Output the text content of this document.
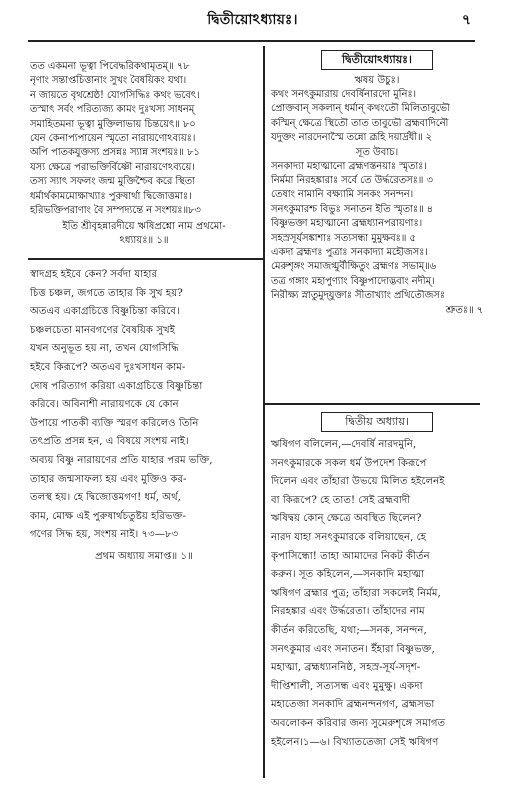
দ্বিতীয়োঽধ্যায়ঃ।	৭
তত একমনা ভূত্বা পিবেদ্ধরিকথামৃতম্‌॥ ৭৮
নৃণাং সন্তাপ্তচিত্তানাং সুখং বৈষয়িকং যথা।
ন জায়তে বৃথশ্রেষ্ঠ! যোগসিদ্ধিঃ কথং ভবেৎ।
তস্মাৎ সর্বং পরিত্যজ্য কামং দুঃখস্য সাধনম্‌
সমাহিতমনা ভূত্বা মুক্তিলাভায় চিন্তয়েৎ॥ ৮০
যেন কেনাপ্যপায়েন স্মৃতো নারায়ণোঽব্যয়ঃ।
অপি পাতকযুক্তস্য প্রসন্নঃ স্যান্ন সংশয়ঃ॥ ৮১
যস্য ক্ষেত্রে পরাভক্তির্বিষ্ণৌ নারায়ণেঽব্যয়ে।
তস্য স্যাৎ সফলং জন্ম মুক্তিশ্চৈব করে স্থিতা
ধর্মার্থকামমোক্ষাখ্যাঃ পুরুষার্থা দ্বিজোত্তমাঃ।
হরিভক্তিপরাণাং বৈ সম্পদ্যন্তে ন সংশয়ঃ॥৮৩
ইতি শ্রীবৃহন্নারদীয়ে ঋষিপ্রশ্নো নাম প্রথমো-
ঽধ্যায়ঃ॥ ১॥
স্বাদগ্রহ হইবে কেন? সর্বদা যাহার
চিত্ত চঞ্চল, জগতে তাহার কি সুখ হয়?
অতএব একাগ্রচিত্তে বিষ্ণুচিন্তা করিবে।
চঞ্চলচেতা মানবগণের বৈষয়িক সুখই
যখন অনুভূত হয় না, তখন যোগসিদ্ধি
হইবে কিরূপে? অতএব দুঃখসাধন কাম-
দোষ পরিত্যাগ করিয়া একাগ্রচিত্তে বিষ্ণুচিন্তা
করিবে। অবিনাশী নারায়ণকে যে কোন
উপায়ে পাতকী ব্যক্তি স্মরণ করিলেও তিনি
তৎপ্রতি প্রসন্ন হন, এ বিষয়ে সংশয় নাই।
অব্যয় বিষ্ণু নারায়ণের প্রতি যাহার পরম ভক্তি,
তাহার জন্মসাফল্য হয় এবং মুক্তিও কর-
তলস্থ হয়। হে দ্বিজোত্তমগণ! ধর্ম, অর্থ,
কাম, মোক্ষ এই পুরুষার্থচতুষ্টয় হরিভক্ত-
গণের সিদ্ধ হয়, সংশয় নাই। ৭৩—৮৩
প্রথম অধ্যায় সমাপ্ত॥ ১॥
দ্বিতীয়োঽধ্যায়ঃ।
ঋষয় উচুঃ।
কথং সনৎকুমারায় দেবর্ষিনারদো মুনিঃ।
প্রোক্তবান্‌ সকলান্‌ ধর্মান্‌ কথংতৌ মিলিতাবুভৌ
কস্মিন্‌ ক্ষেত্রে স্থিতৌ তাত তাবুভৌ ব্রহ্মবাদিনৌ
যদুক্তং নারদেনাস্মৈ তন্নো ব্রূহি দয়ার্দ্রধী॥ ২
সূত উবাচ।
সনকাদ্যা মহাত্মানো ব্রহ্মণস্তনয়াঃ স্মৃতাঃ।
নির্মমা নিরহঙ্কারাঃ সর্বে তে উর্দ্ধরেতসঃ॥ ৩
তেষাং নামানি বক্ষ্যামি সনকং সনন্দন।
সনৎকুমারশ্চ বিভুঃ সনাতন ইতি স্মৃতাঃ॥ ৪
বিষ্ণুভক্তা মহাত্মানো ব্রহ্মধ্যানপরায়ণাঃ।
সহস্রসূর্যসঙ্কাশাঃ সত্যসন্ধা মুমুক্ষবঃ॥ ৫
একদা ব্রহ্মণঃ পুত্রাঃ সনকাদ্যা মহৌজসঃ।
মেরুশৃঙ্গং সমাজগ্মুর্বীক্ষিতুং ব্রহ্মণঃ সভাম্‌॥৬
তত্র গঙ্গাং মহাপুণ্যাং বিষ্ণুপাদোদ্ভবাং নদীম্‌।
নিরীক্ষ্য স্নাতুমুদ্‌যুক্তাঃ সীতাখ্যাং প্রথিতৌজসঃ
শ্রুতঃ॥ ৭
দ্বিতীয় অধ্যায়।
ঋষিগণ বলিলেন,—দেবর্ষি নারদমুনি,
সনৎকুমারকে সকল ধর্ম উপদেশ কিরূপে
দিলেন এবং তাঁহারা উভয়ে মিলিত হইলেনই
বা কিরূপে? হে তাত! সেই ব্রহ্মবাদী
ঋষিদ্বয় কোন্‌ ক্ষেত্রে অবস্থিত ছিলেন?
নারদ যাহা সনৎকুমারকে বলিয়াছেন, হে
কৃপাসিন্ধো! তাহা আমাদের নিকট কীর্তন
করুন। সূত কহিলেন,—সনকাদি মহাত্মা
ঋষিগণ ব্রহ্মার পুত্র; তাঁহারা সকলেই নির্মম,
নিরহঙ্কার এবং উর্দ্ধরেতা। তাঁহাদের নাম
কীর্তন করিতেছি, যথা;—সনক, সনন্দন,
সনৎকুমার এবং সনাতন। ইঁহারা বিষ্ণুভক্ত,
মহাত্মা, ব্রহ্মধ্যাননিষ্ঠ, সহস্র-সূর্য-সদৃশ-
দীপ্তিশালী, সত্যসন্ধ এবং মুমুক্ষু। একদা
মহাতেজা সনকাদি ব্রহ্মনন্দনগণ, ব্রহ্মসভা
অবলোকন করিবার জন্য সুমেরুশৃঙ্গে সমাগত
হইলেন।১—৬। বিখ্যাততেজা সেই ঋষিগণ
